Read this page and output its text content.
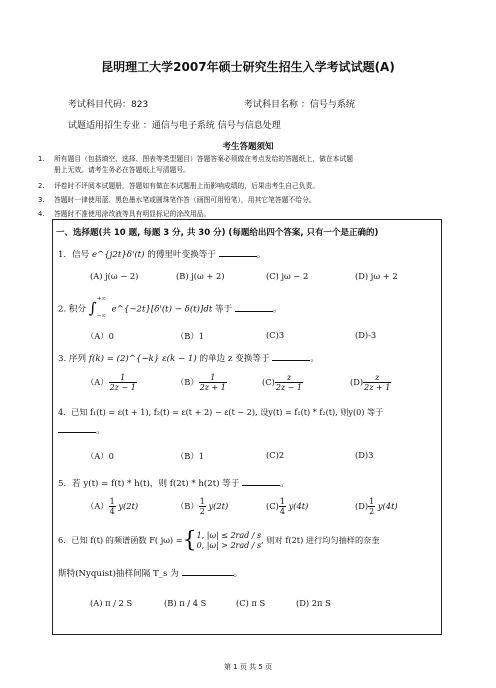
昆明理工大学2007年硕士研究生招生入学考试试题(A)
考试科目代码：823	考试科目名称 ：信号与系统
试题适用招生专业 ：通信与电子系统 信号与信息处理
考生答题须知
1. 所有题目（包括填空、选择、图表等类型题目）答题答案必须做在考点发给的答题纸上，做在本试题
册上无效。请考生务必在答题纸上写清题号。
2. 评卷时不评阅本试题册，答题如有做在本试题册上而影响成绩的，后果由考生自己负责。
3. 答题时一律使用蓝、黑色墨水笔或圆珠笔作答（画图可用铅笔），用其它笔答题不给分。
4. 答题时不准使用涂改液等具有明显标记的涂改用品。
一、选择题(共 10 题, 每题 3 分, 共 30 分) (每题给出四个答案, 只有一个是正确的)
1．信号 e^{j2t}δ'(t) 的傅里叶变换等于	。
(A) j(ω − 2)	(B) j(ω + 2)	(C) jω − 2	(D) jω + 2
2. 积分 ∫ +∞
−∞
e^{−2t}[δ'(t) − δ(t)]dt 等于	。
（A）0	（B）1	(C)3	(D)-3
3. 序列 f(k) = (2)^{−k} ε(k − 1) 的单边 z 变换等于	。
$(A) \frac{1}{2z - 1}$	$(B) \frac{1}{2z + 1}$	$(C) \frac{z}{2z - 1}$	$(D) \frac{z}{2z + 1}$
4．已知 f₁(t) = ε(t + 1), f₂(t) = ε(t + 2) − ε(t − 2), 设y(t) = f₁(t) * f₂(t), 则y(0) 等于
。
（A）0	（B）1	(C)2	(D)3
5．若 y(t) = f(t) * h(t)，则 f(2t) * h(2t) 等于	。
$(A) \frac{1}{4} y(2t)$	$(B) \frac{1}{2} y(2t)$	$(C) \frac{1}{4} y(4t)$	$(D) \frac{1}{2} y(4t)$
6．已知 f(t) 的频谱函数 F( jω) ={ 1, |ω| ≤ 2rad / s
0, |ω| > 2rad / s
, 则对 f(2t) 进行均匀抽样的奈奎
斯特(Nyquist)抽样间隔 T_s 为	。
(A) π / 2 S	(B) π / 4 S	(C) π S	(D) 2π S
第 1 页 共 5 页
